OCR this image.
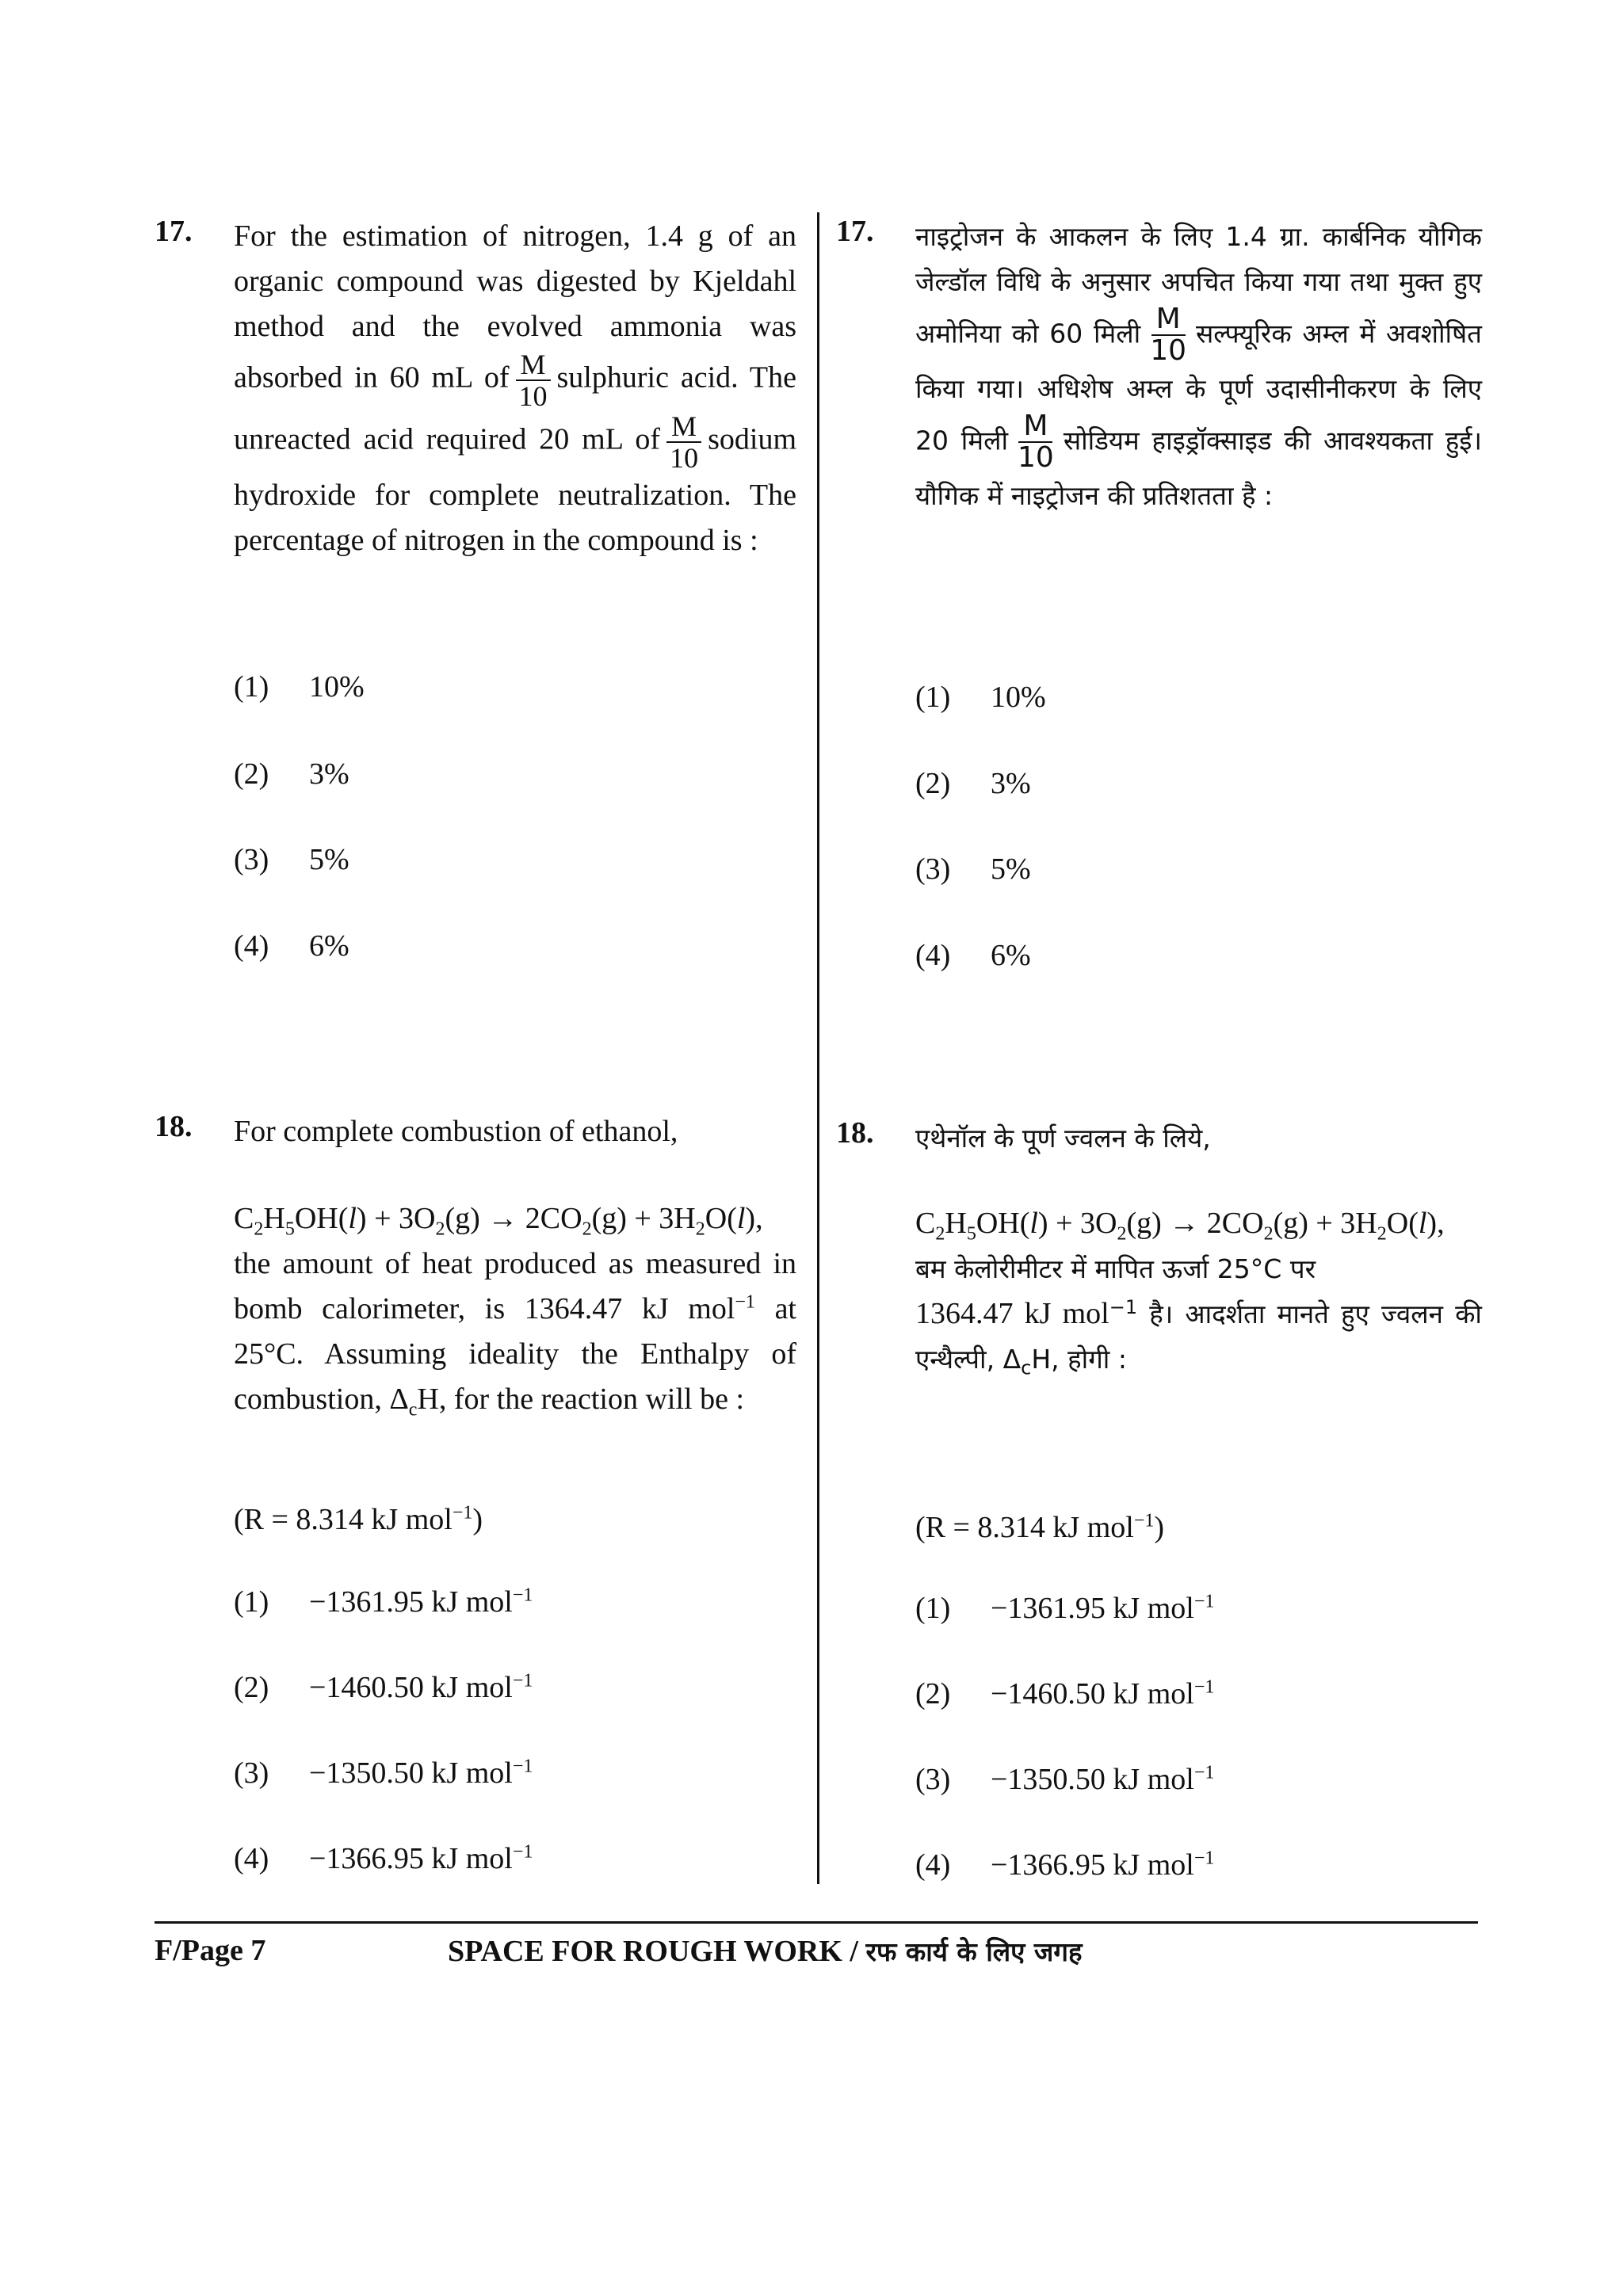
17. For the estimation of nitrogen, 1.4 g of an organic compound was digested by Kjeldahl method and the evolved ammonia was absorbed in 60 mL of $\frac{M}{10}$ sulphuric acid. The unreacted acid required 20 mL of $\frac{M}{10}$ sodium hydroxide for complete neutralization. The percentage of nitrogen in the compound is :
(1) 10%
(2) 3%
(3) 5%
(4) 6%
18. For complete combustion of ethanol,
$C_2H_5OH(l) + 3O_2(g) \to 2CO_2(g) + 3H_2O(l)$,
the amount of heat produced as measured in bomb calorimeter, is 1364.47 kJ mol$^{-1}$ at 25°C. Assuming ideality the Enthalpy of combustion, $\Delta_cH$, for the reaction will be :
(R = 8.314 kJ mol$^{-1}$)
(1) −1361.95 kJ mol$^{-1}$
(2) −1460.50 kJ mol$^{-1}$
(3) −1350.50 kJ mol$^{-1}$
(4) −1366.95 kJ mol$^{-1}$
17. नाइट्रोजन के आकलन के लिए 1.4 ग्रा. कार्बनिक यौगिक जेल्डॉल विधि के अनुसार अपचित किया गया तथा मुक्त हुए अमोनिया को 60 मिली $\frac{M}{10}$ सल्फ्यूरिक अम्ल में अवशोषित किया गया। अधिशेष अम्ल के पूर्ण उदासीनीकरण के लिए 20 मिली $\frac{M}{10}$ सोडियम हाइड्रॉक्साइड की आवश्यकता हुई। यौगिक में नाइट्रोजन की प्रतिशतता है :
(1) 10%
(2) 3%
(3) 5%
(4) 6%
18. एथेनॉल के पूर्ण ज्वलन के लिये,
$C_2H_5OH(l) + 3O_2(g) \to 2CO_2(g) + 3H_2O(l)$,
बम केलोरीमीटर में मापित ऊर्जा 25°C पर
1364.47 kJ mol$^{-1}$ है। आदर्शता मानते हुए ज्वलन की एन्थैल्पी, $\Delta_cH$, होगी :
(R = 8.314 kJ mol$^{-1}$)
(1) −1361.95 kJ mol$^{-1}$
(2) −1460.50 kJ mol$^{-1}$
(3) −1350.50 kJ mol$^{-1}$
(4) −1366.95 kJ mol$^{-1}$
F/Page 7	SPACE FOR ROUGH WORK / रफ कार्य के लिए जगह
